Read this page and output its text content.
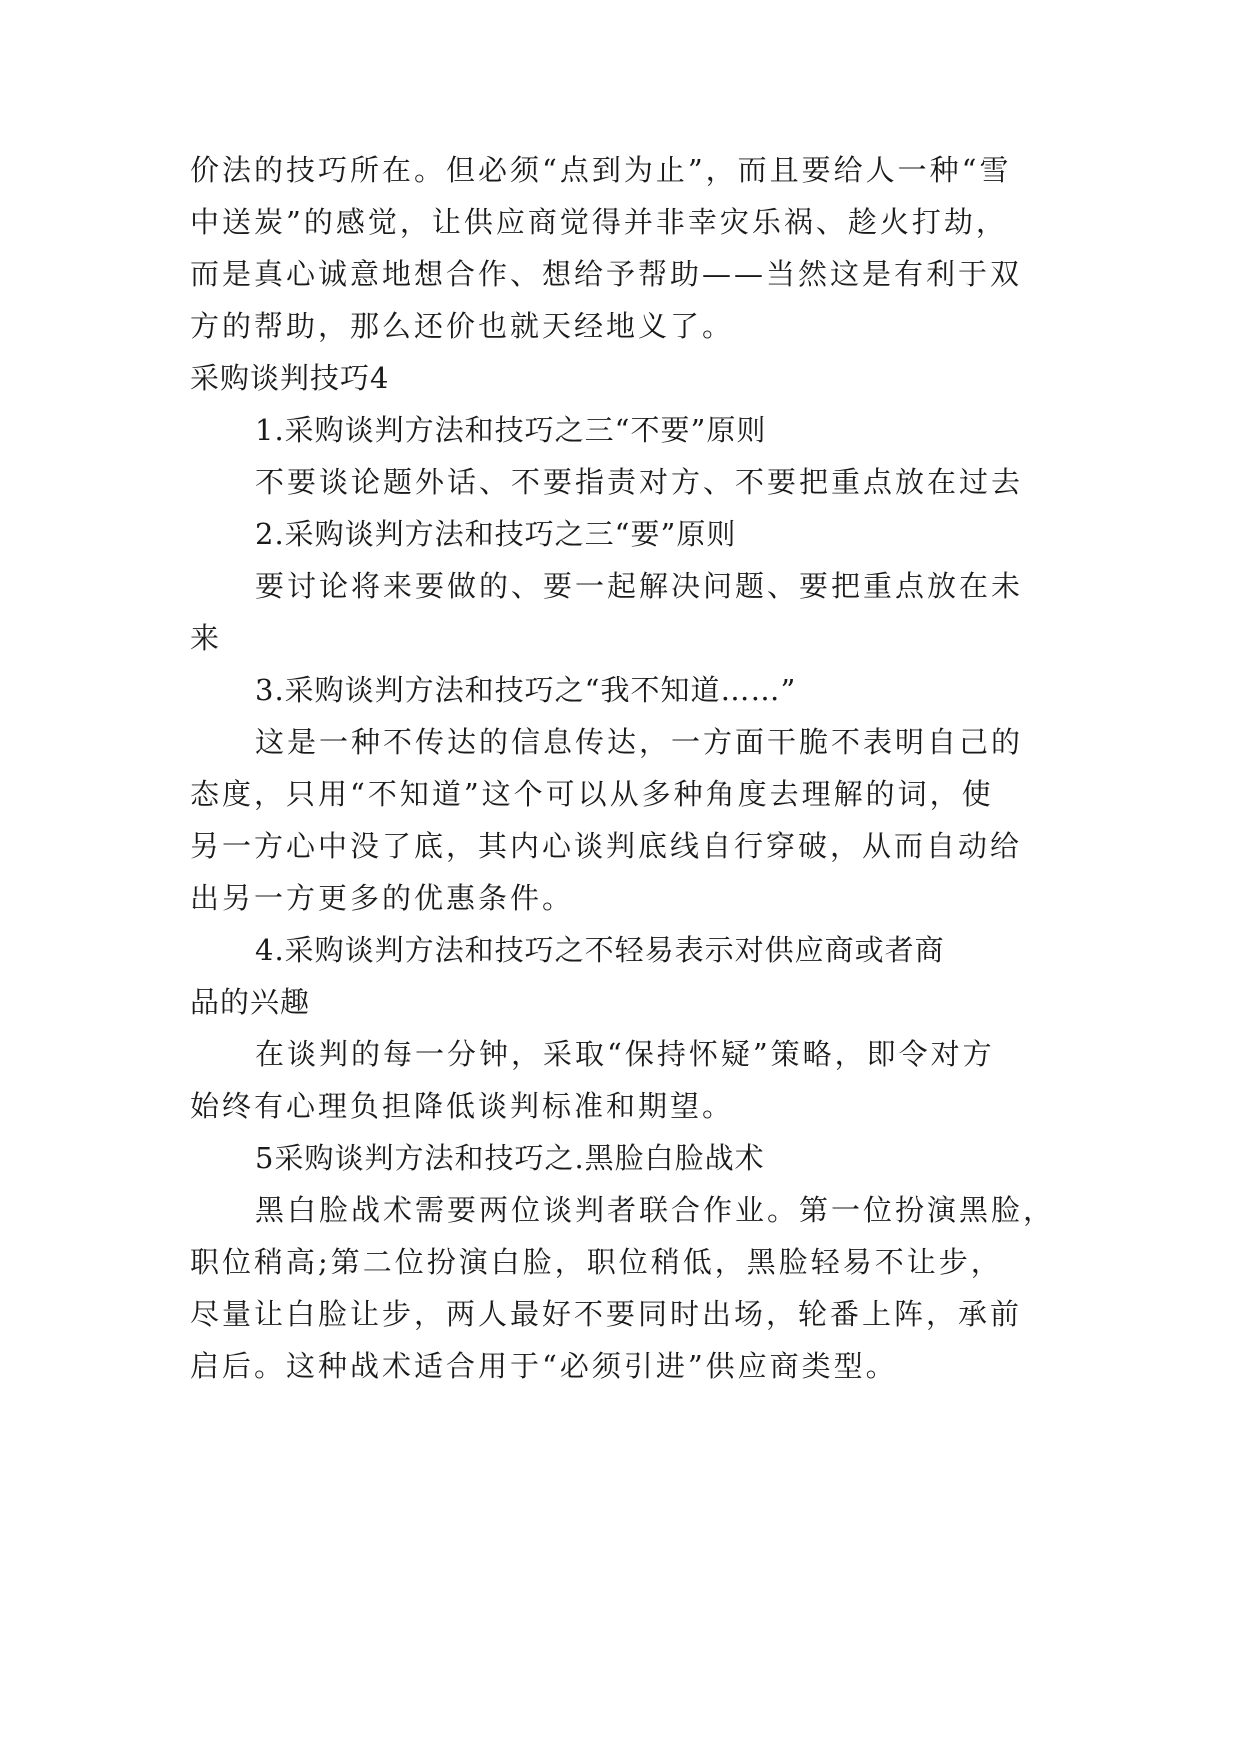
价法的技巧所在。但必须“点到为止”，而且要给人一种“雪
中送炭”的感觉，让供应商觉得并非幸灾乐祸、趁火打劫，
而是真心诚意地想合作、想给予帮助——当然这是有利于双
方的帮助，那么还价也就天经地义了。
采购谈判技巧4
1.采购谈判方法和技巧之三“不要”原则
不要谈论题外话、不要指责对方、不要把重点放在过去
2.采购谈判方法和技巧之三“要”原则
要讨论将来要做的、要一起解决问题、要把重点放在未
来
3.采购谈判方法和技巧之“我不知道……”
这是一种不传达的信息传达，一方面干脆不表明自己的
态度，只用“不知道”这个可以从多种角度去理解的词，使
另一方心中没了底，其内心谈判底线自行穿破，从而自动给
出另一方更多的优惠条件。
4.采购谈判方法和技巧之不轻易表示对供应商或者商
品的兴趣
在谈判的每一分钟，采取“保持怀疑”策略，即令对方
始终有心理负担降低谈判标准和期望。
5采购谈判方法和技巧之.黑脸白脸战术
黑白脸战术需要两位谈判者联合作业。第一位扮演黑脸，
职位稍高;第二位扮演白脸，职位稍低，黑脸轻易不让步，
尽量让白脸让步，两人最好不要同时出场，轮番上阵，承前
启后。这种战术适合用于“必须引进”供应商类型。
